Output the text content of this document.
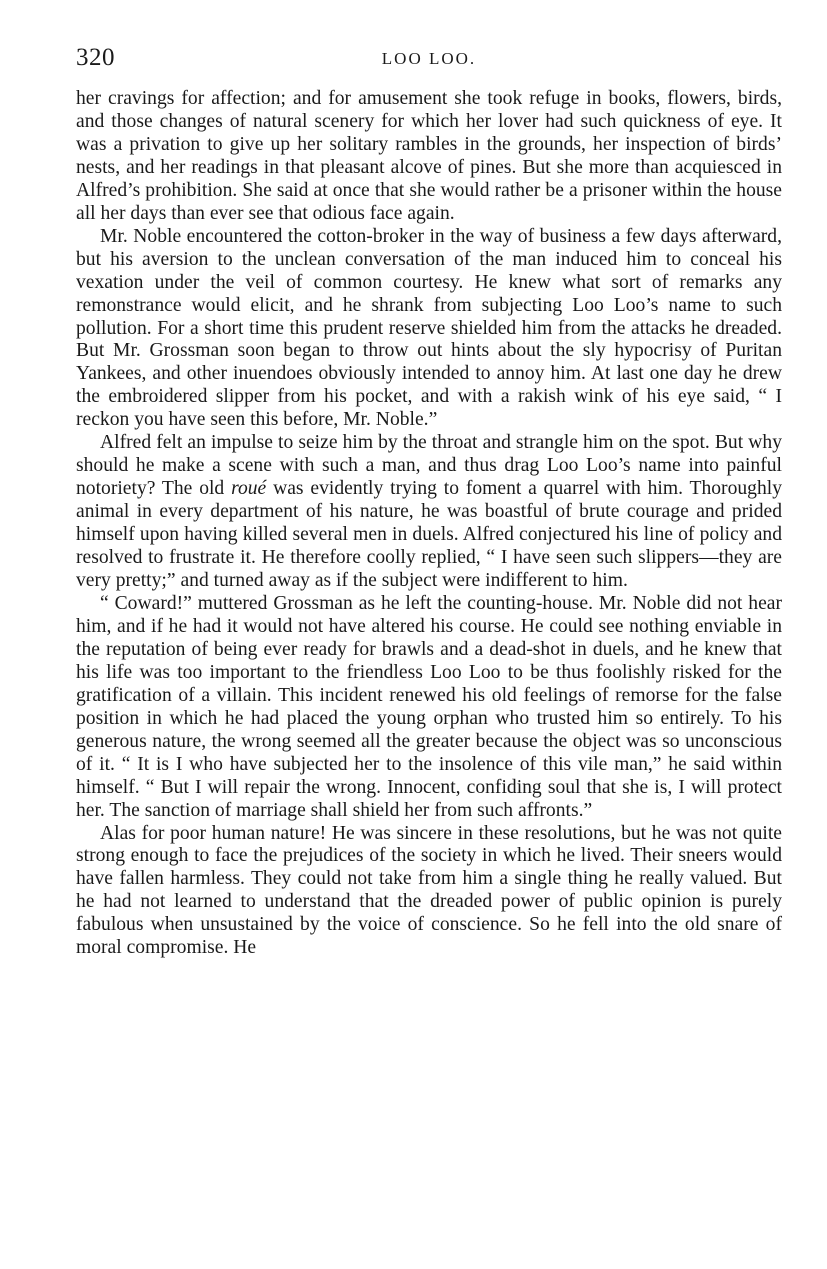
320	LOO LOO.

her cravings for affection; and for amusement she took refuge in books, flowers, birds, and those changes of natural scenery for which her lover had such quickness of eye. It was a privation to give up her solitary rambles in the grounds, her inspection of birds’ nests, and her readings in that pleasant alcove of pines. But she more than acquiesced in Alfred’s prohibition. She said at once that she would rather be a prisoner within the house all her days than ever see that odious face again.

Mr. Noble encountered the cotton-broker in the way of business a few days afterward, but his aversion to the unclean conversation of the man induced him to conceal his vexation under the veil of common courtesy. He knew what sort of remarks any remonstrance would elicit, and he shrank from subjecting Loo Loo’s name to such pollution. For a short time this prudent reserve shielded him from the attacks he dreaded. But Mr. Grossman soon began to throw out hints about the sly hypocrisy of Puritan Yankees, and other inuendoes obviously intended to annoy him. At last one day he drew the embroidered slipper from his pocket, and with a rakish wink of his eye said, “ I reckon you have seen this before, Mr. Noble.”

Alfred felt an impulse to seize him by the throat and strangle him on the spot. But why should he make a scene with such a man, and thus drag Loo Loo’s name into painful notoriety? The old roué was evidently trying to foment a quarrel with him. Thoroughly animal in every department of his nature, he was boastful of brute courage and prided himself upon having killed several men in duels. Alfred conjectured his line of policy and resolved to frustrate it. He therefore coolly replied, “ I have seen such slippers—they are very pretty;” and turned away as if the subject were indifferent to him.

“ Coward!” muttered Grossman as he left the counting-house. Mr. Noble did not hear him, and if he had it would not have altered his course. He could see nothing enviable in the reputation of being ever ready for brawls and a dead-shot in duels, and he knew that his life was too important to the friendless Loo Loo to be thus foolishly risked for the gratification of a villain. This incident renewed his old feelings of remorse for the false position in which he had placed the young orphan who trusted him so entirely. To his generous nature, the wrong seemed all the greater because the object was so unconscious of it. “ It is I who have subjected her to the insolence of this vile man,” he said within himself. “ But I will repair the wrong. Innocent, confiding soul that she is, I will protect her. The sanction of marriage shall shield her from such affronts.”

Alas for poor human nature! He was sincere in these resolutions, but he was not quite strong enough to face the prejudices of the society in which he lived. Their sneers would have fallen harmless. They could not take from him a single thing he really valued. But he had not learned to understand that the dreaded power of public opinion is purely fabulous when unsustained by the voice of conscience. So he fell into the old snare of moral compromise. He
